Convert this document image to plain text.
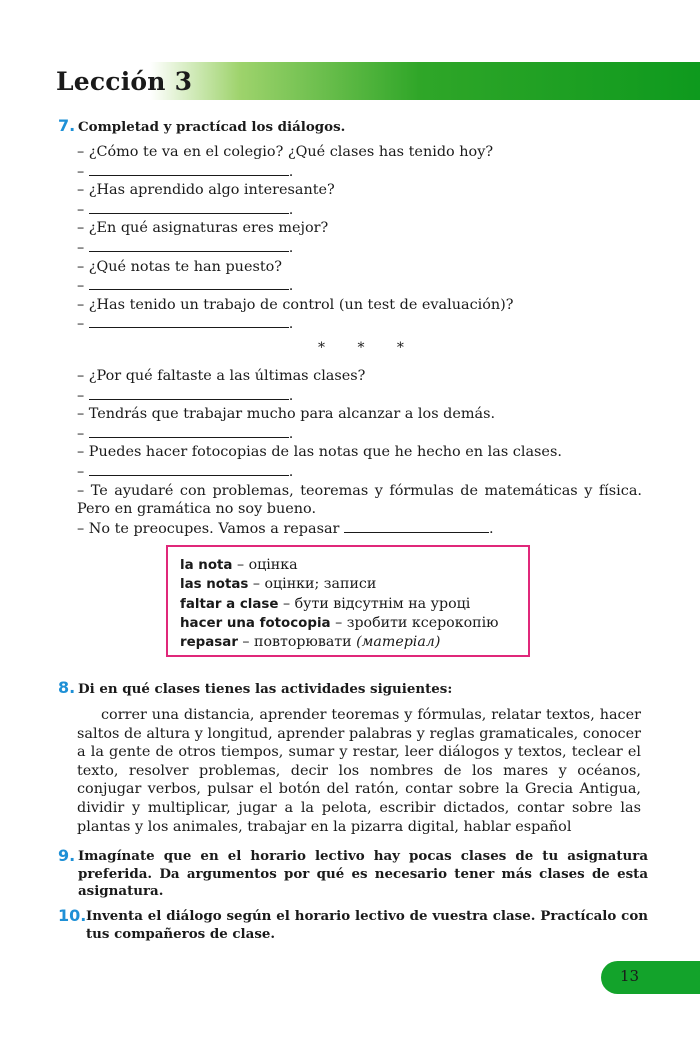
Lección 3
7. Completad y practícad los diálogos.
– ¿Cómo te va en el colegio? ¿Qué clases has tenido hoy?
–	.
– ¿Has aprendido algo interesante?
–	.
– ¿En qué asignaturas eres mejor?
–	.
– ¿Qué notas te han puesto?
–	.
– ¿Has tenido un trabajo de control (un test de evaluación)?
–	.
* * *
– ¿Por qué faltaste a las últimas clases?
–	.
– Tendrás que trabajar mucho para alcanzar a los demás.
–	.
– Puedes hacer fotocopias de las notas que he hecho en las clases.
–	.
– Te ayudaré con problemas, teoremas y fórmulas de matemáticas y física. Pero en gramática no soy bueno.
– No te preocupes. Vamos a repasar	.
la nota – оцінка
las notas – оцінки; записи
faltar a clase – бути відсутнім на уроці
hacer una fotocopia – зробити ксерокопію
repasar – повторювати (матеріал)
8. Di en qué clases tienes las actividades siguientes:
correr una distancia, aprender teoremas y fórmulas, relatar textos, hacer saltos de altura y longitud, aprender palabras y reglas gramaticales, conocer a la gente de otros tiempos, sumar y restar, leer diálogos y textos, teclear el texto, resolver problemas, decir los nombres de los mares y océanos, conjugar verbos, pulsar el botón del ratón, contar sobre la Grecia Antigua, dividir y multiplicar, jugar a la pelota, escribir dictados, contar sobre las plantas y los animales, trabajar en la pizarra digital, hablar español
9. Imagínate que en el horario lectivo hay pocas clases de tu asignatura preferida. Da argumentos por qué es necesario tener más clases de esta asignatura.
10. Inventa el diálogo según el horario lectivo de vuestra clase. Practícalo con tus compañeros de clase.
13
